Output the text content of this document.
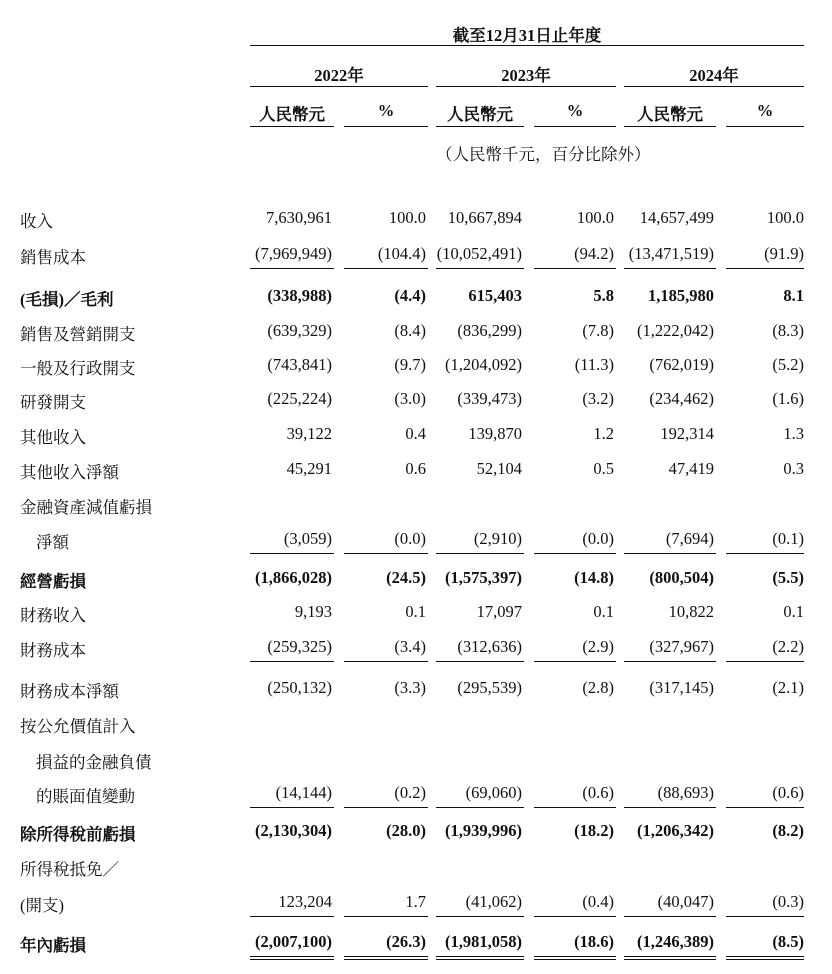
截至12月31日止年度
2022年	2023年	2024年
人民幣元	%	人民幣元	%	人民幣元	%
（人民幣千元，百分比除外）
收入	7,630,961	100.0 10,667,894	100.0 14,657,499	100.0
銷售成本	(7,969,949)	(104.4) (10,052,491)	(94.2) (13,471,519)	(91.9)
(毛損)／毛利	(338,988)	(4.4)	615,403	5.8 1,185,980	8.1
銷售及營銷開支	(639,329)	(8.4) (836,299)	(7.8) (1,222,042)	(8.3)
一般及行政開支	(743,841)	(9.7) (1,204,092)	(11.3) (762,019)	(5.2)
研發開支	(225,224)	(3.0) (339,473)	(3.2) (234,462)	(1.6)
其他收入	39,122	0.4	139,870	1.2	192,314	1.3
其他收入淨額	45,291	0.6	52,104	0.5	47,419	0.3
金融資產減值虧損
淨額	(3,059)	(0.0)	(2,910)	(0.0)	(7,694)	(0.1)
經營虧損	(1,866,028)	(24.5) (1,575,397)	(14.8) (800,504)	(5.5)
財務收入	9,193	0.1	17,097	0.1	10,822	0.1
財務成本	(259,325)	(3.4) (312,636)	(2.9) (327,967)	(2.2)
財務成本淨額	(250,132)	(3.3) (295,539)	(2.8) (317,145)	(2.1)
按公允價值計入
損益的金融負債
的賬面值變動	(14,144)	(0.2) (69,060)	(0.6)	(88,693)	(0.6)
除所得稅前虧損	(2,130,304)	(28.0) (1,939,996)	(18.2) (1,206,342)	(8.2)
所得稅抵免／
(開支)	123,204	1.7 (41,062)	(0.4)	(40,047)	(0.3)
年內虧損	(2,007,100)	(26.3) (1,981,058)	(18.6) (1,246,389)	(8.5)
